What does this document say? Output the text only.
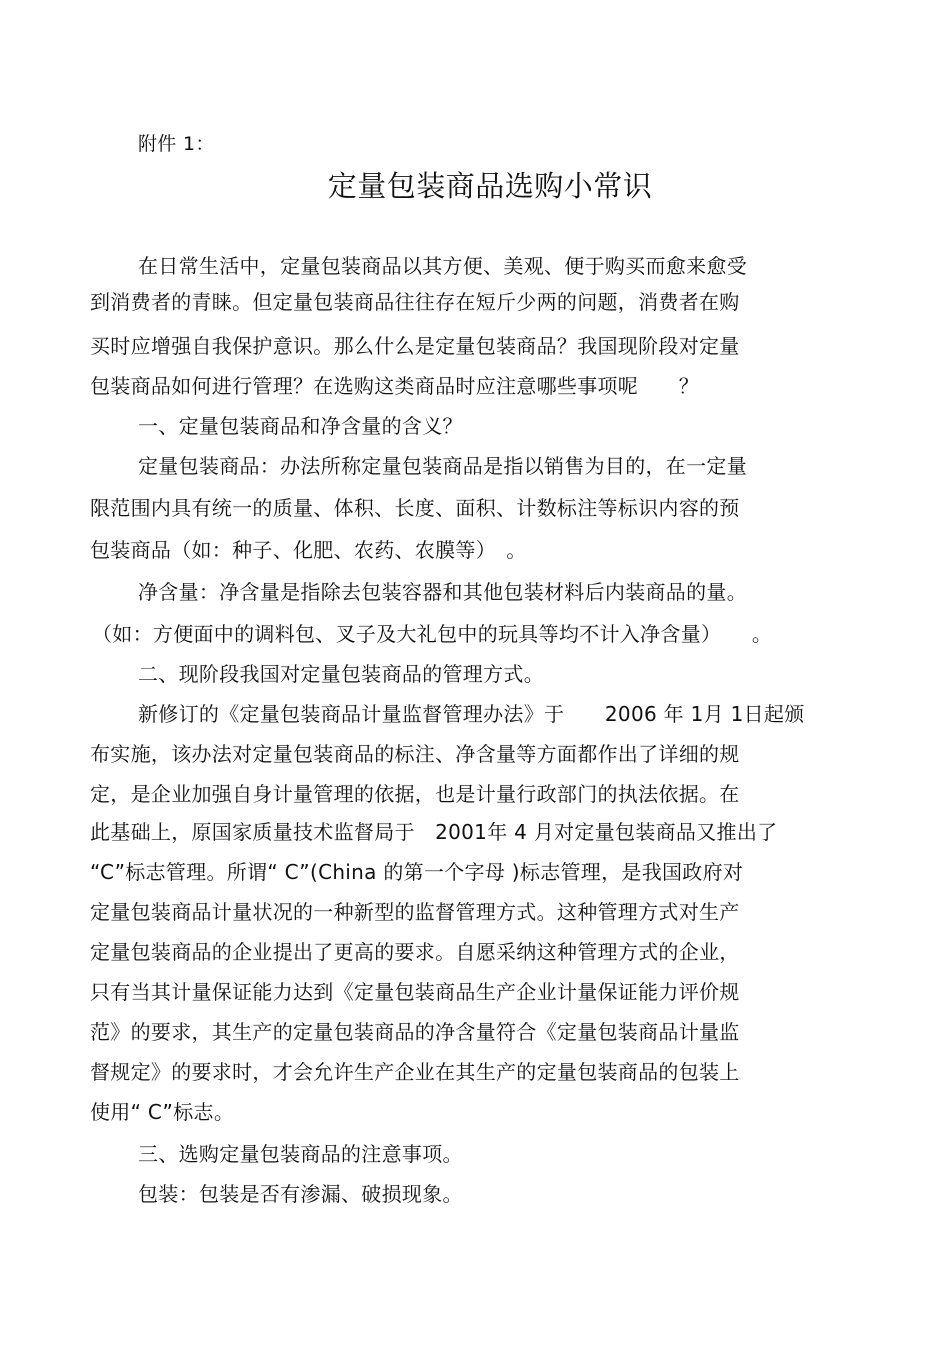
附件 1：
定量包装商品选购小常识
在日常生活中，定量包装商品以其方便、美观、便于购买而愈来愈受
到消费者的青睐。但定量包装商品往往存在短斤少两的问题，消费者在购
买时应增强自我保护意识。那么什么是定量包装商品？我国现阶段对定量
包装商品如何进行管理？在选购这类商品时应注意哪些事项呢　　？
一、定量包装商品和净含量的含义？
定量包装商品：办法所称定量包装商品是指以销售为目的，在一定量
限范围内具有统一的质量、体积、长度、面积、计数标注等标识内容的预
包装商品（如：种子、化肥、农药、农膜等）　。
净含量：净含量是指除去包装容器和其他包装材料后内装商品的量。
（如：方便面中的调料包、叉子及大礼包中的玩具等均不计入净含量）　　。
二、现阶段我国对定量包装商品的管理方式。
新修订的《定量包装商品计量监督管理办法》于　　2006 年 1月 1日起颁
布实施，该办法对定量包装商品的标注、净含量等方面都作出了详细的规
定，是企业加强自身计量管理的依据，也是计量行政部门的执法依据。在
此基础上，原国家质量技术监督局于　2001年 4 月对定量包装商品又推出了
“C”标志管理。所谓“ C”(China 的第一个字母 )标志管理，是我国政府对
定量包装商品计量状况的一种新型的监督管理方式。这种管理方式对生产
定量包装商品的企业提出了更高的要求。自愿采纳这种管理方式的企业，
只有当其计量保证能力达到《定量包装商品生产企业计量保证能力评价规
范》的要求，其生产的定量包装商品的净含量符合《定量包装商品计量监
督规定》的要求时，才会允许生产企业在其生产的定量包装商品的包装上
使用“ C”标志。
三、选购定量包装商品的注意事项。
包装：包装是否有渗漏、破损现象。
